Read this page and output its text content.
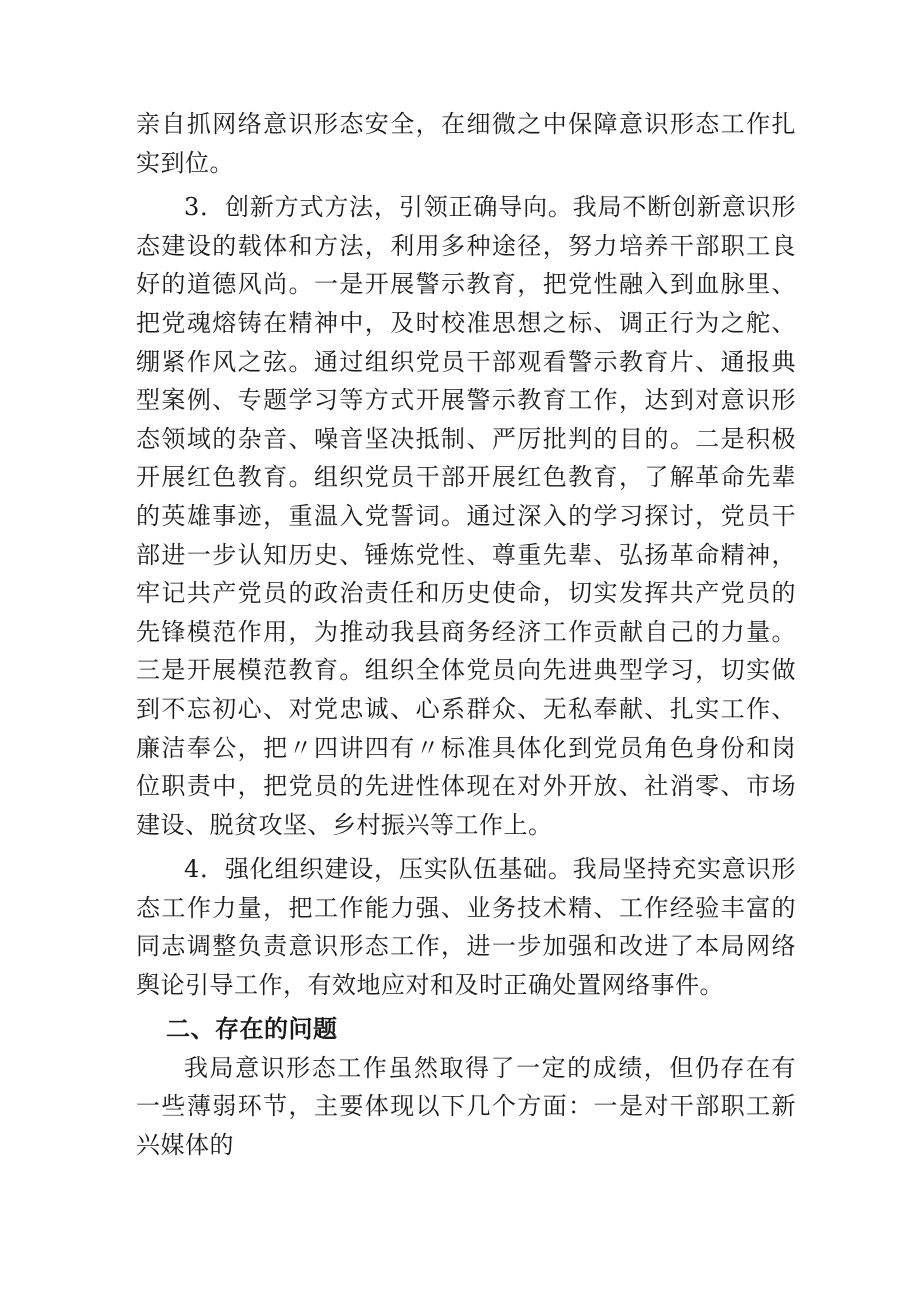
亲自抓网络意识形态安全，在细微之中保障意识形态工作扎实到位。

3．创新方式方法，引领正确导向。我局不断创新意识形态建设的载体和方法，利用多种途径，努力培养干部职工良好的道德风尚。一是开展警示教育，把党性融入到血脉里、把党魂熔铸在精神中，及时校准思想之标、调正行为之舵、绷紧作风之弦。通过组织党员干部观看警示教育片、通报典型案例、专题学习等方式开展警示教育工作，达到对意识形态领域的杂音、噪音坚决抵制、严厉批判的目的。二是积极开展红色教育。组织党员干部开展红色教育，了解革命先辈的英雄事迹，重温入党誓词。通过深入的学习探讨，党员干部进一步认知历史、锤炼党性、尊重先辈、弘扬革命精神，牢记共产党员的政治责任和历史使命，切实发挥共产党员的先锋模范作用，为推动我县商务经济工作贡献自己的力量。三是开展模范教育。组织全体党员向先进典型学习，切实做到不忘初心、对党忠诚、心系群众、无私奉献、扎实工作、廉洁奉公，把〃四讲四有〃标准具体化到党员角色身份和岗位职责中，把党员的先进性体现在对外开放、社消零、市场建设、脱贫攻坚、乡村振兴等工作上。

4．强化组织建设，压实队伍基础。我局坚持充实意识形态工作力量，把工作能力强、业务技术精、工作经验丰富的同志调整负责意识形态工作，进一步加强和改进了本局网络舆论引导工作，有效地应对和及时正确处置网络事件。

二、存在的问题

我局意识形态工作虽然取得了一定的成绩，但仍存在有一些薄弱环节，主要体现以下几个方面：一是对干部职工新兴媒体的
